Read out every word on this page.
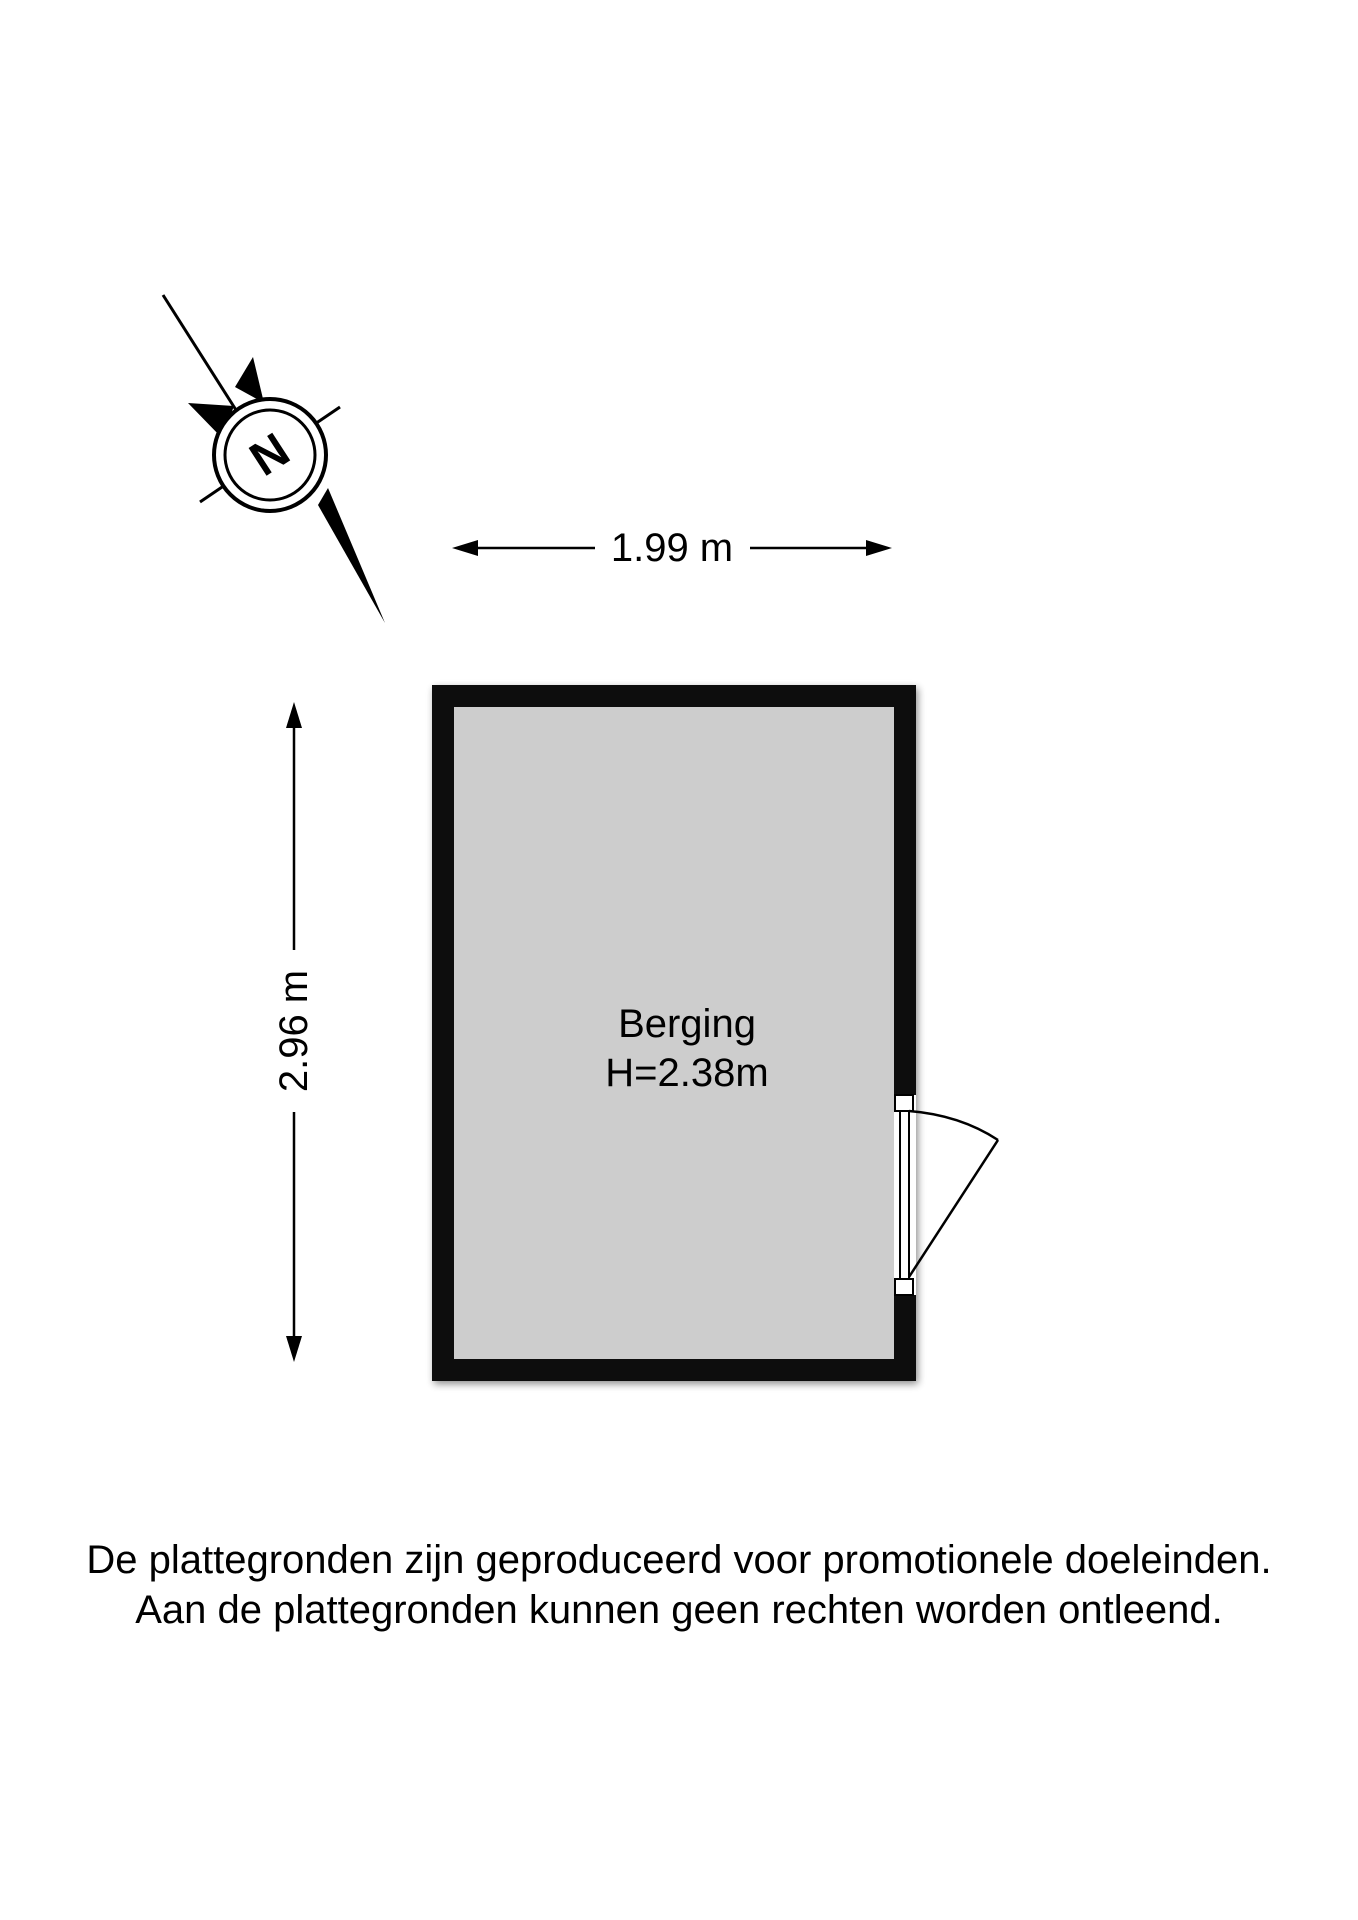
N
1.99 m
2.96 m	Berging
H=2.38m
De plattegronden zijn geproduceerd voor promotionele doeleinden.
Aan de plattegronden kunnen geen rechten worden ontleend.
